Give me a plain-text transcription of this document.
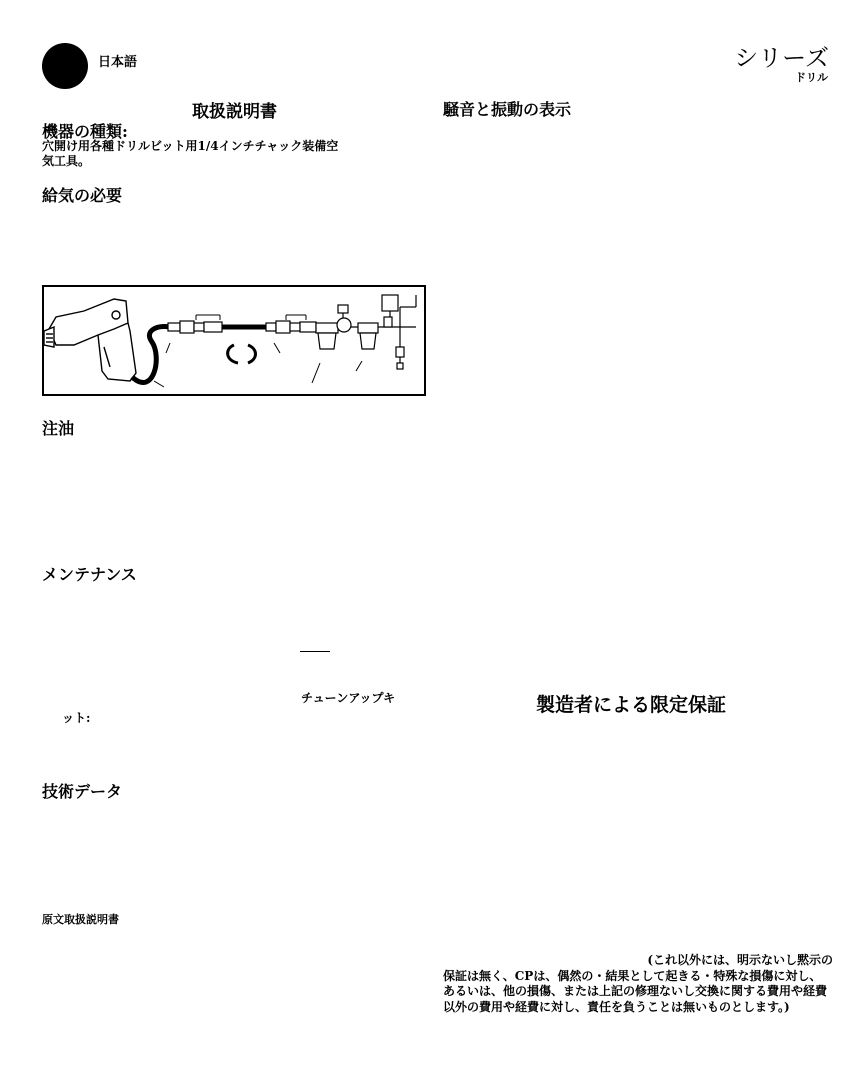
日本語	シリーズ
ドリル
取扱説明書	騒音と振動の表示
機器の種類:
穴開け用各種ドリルビット用1/4インチチャック装備空
気工具。
給気の必要
注油
メンテナンス
チューンアップキ
ット:
製造者による限定保証
技術データ
原文取扱説明書
(これ以外には、明示ないし黙示の
保証は無く、CPは、偶然の・結果として起きる・特殊な損傷に対し、あるいは、他の損傷、または上記の修理ないし交換に関する費用や経費以外の費用や経費に対し、責任を負うことは無いものとします。)
